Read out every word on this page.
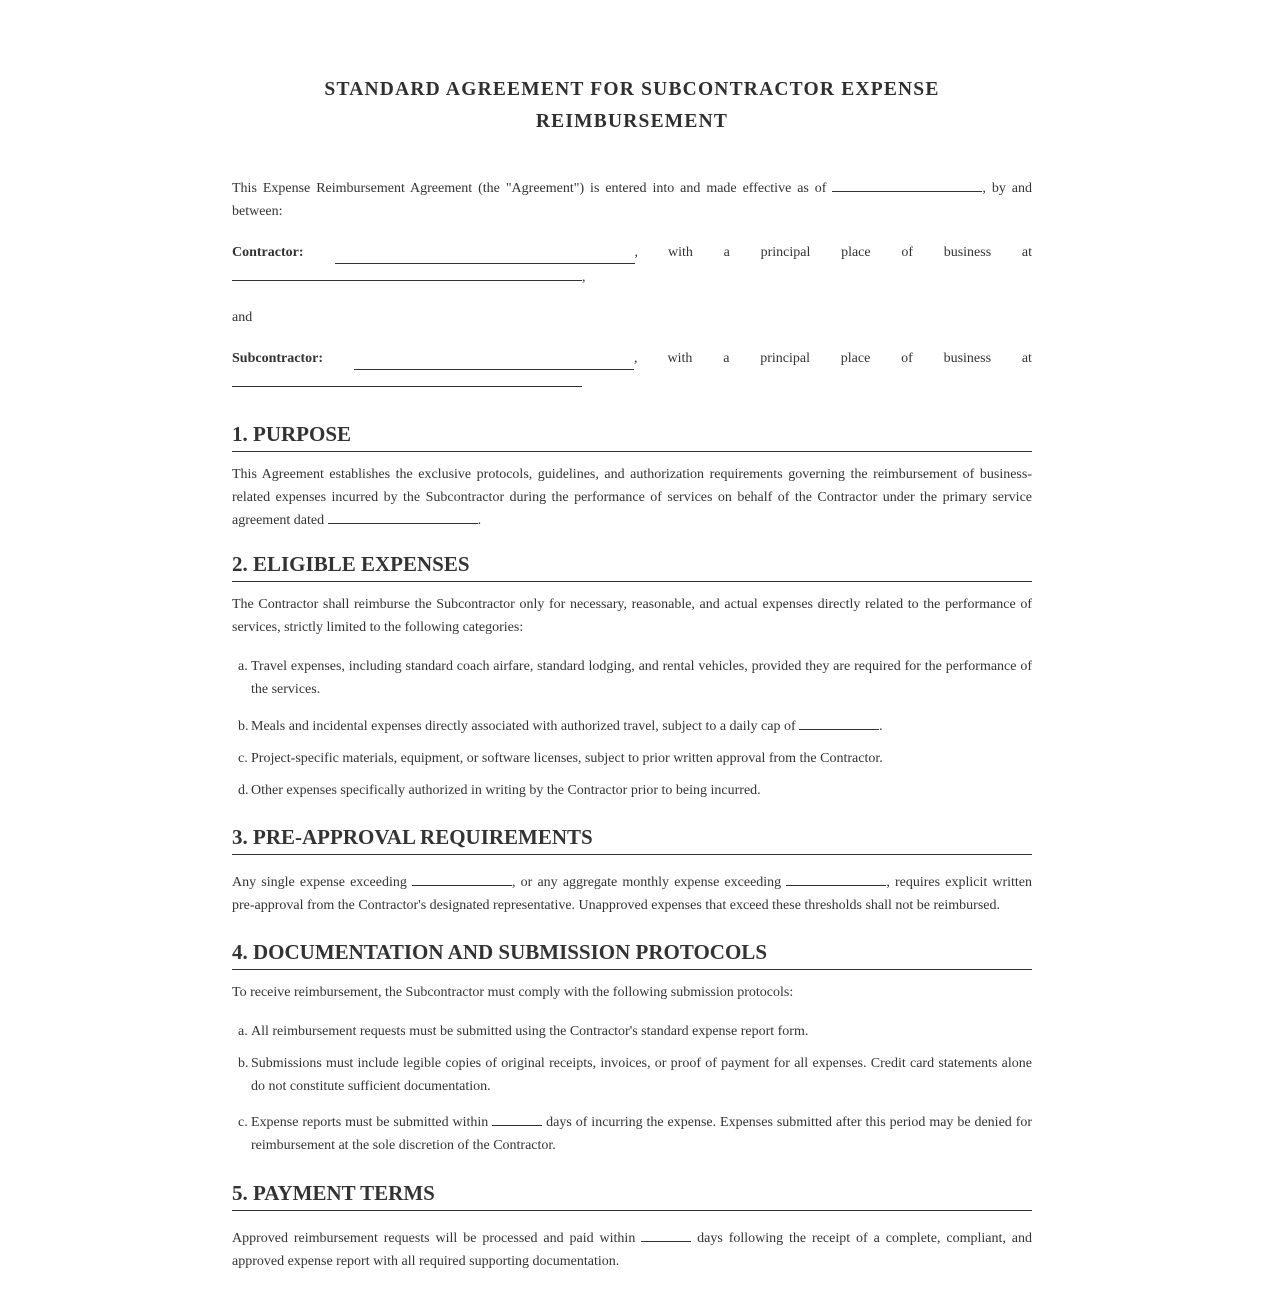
STANDARD AGREEMENT FOR SUBCONTRACTOR EXPENSE
REIMBURSEMENT

This Expense Reimbursement Agreement (the "Agreement") is entered into and made effective as of	, by and between:

Contractor:	, with a principal place of business at
,

and

Subcontractor:	, with a principal place of business at
1. PURPOSE

This Agreement establishes the exclusive protocols, guidelines, and authorization requirements governing the reimbursement of business-related expenses incurred by the Subcontractor during the performance of services on behalf of the Contractor under the primary service agreement dated	.

2. ELIGIBLE EXPENSES

The Contractor shall reimburse the Subcontractor only for necessary, reasonable, and actual expenses directly related to the performance of services, strictly limited to the following categories:

a. Travel expenses, including standard coach airfare, standard lodging, and rental vehicles, provided they are required for the performance of the services.
b. Meals and incidental expenses directly associated with authorized travel, subject to a daily cap of	.
c. Project-specific materials, equipment, or software licenses, subject to prior written approval from the Contractor.
d. Other expenses specifically authorized in writing by the Contractor prior to being incurred.
3. PRE-APPROVAL REQUIREMENTS

Any single expense exceeding	, or any aggregate monthly expense exceeding	, requires explicit written pre-approval from the Contractor's designated representative. Unapproved expenses that exceed these thresholds shall not be reimbursed.

4. DOCUMENTATION AND SUBMISSION PROTOCOLS

To receive reimbursement, the Subcontractor must comply with the following submission protocols:

a. All reimbursement requests must be submitted using the Contractor's standard expense report form.
b. Submissions must include legible copies of original receipts, invoices, or proof of payment for all expenses. Credit card statements alone do not constitute sufficient documentation.
c. Expense reports must be submitted within	days of incurring the expense. Expenses submitted after this period may be denied for reimbursement at the sole discretion of the Contractor.
5. PAYMENT TERMS

Approved reimbursement requests will be processed and paid within	days following the receipt of a complete, compliant, and approved expense report with all required supporting documentation.
